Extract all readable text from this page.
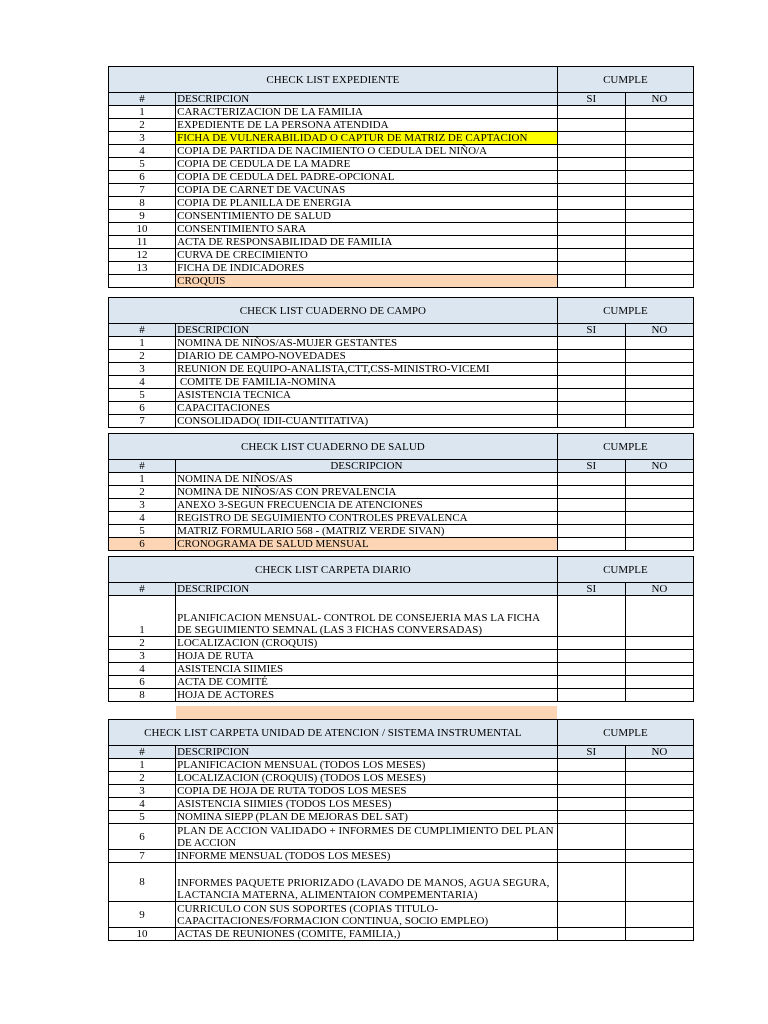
CHECK LIST EXPEDIENTE		CUMPLE	
#	DESCRIPCION	SI	NO
1	CARACTERIZACION DE LA FAMILIA		
2	EXPEDIENTE DE LA PERSONA ATENDIDA		
3	FICHA DE VULNERABILIDAD O CAPTUR DE MATRIZ DE CAPTACION		
4	COPIA DE PARTIDA DE NACIMIENTO O CEDULA DEL NIÑO/A		
5	COPIA DE CEDULA DE LA MADRE		
6	COPIA DE CEDULA DEL PADRE-OPCIONAL		
7	COPIA DE CARNET DE VACUNAS		
8	COPIA DE PLANILLA DE ENERGIA		
9	CONSENTIMIENTO DE SALUD		
10	CONSENTIMIENTO SARA		
11	ACTA DE RESPONSABILIDAD DE FAMILIA		
12	CURVA DE CRECIMIENTO		
13	FICHA DE INDICADORES		
	CROQUIS		
CHECK LIST CUADERNO DE CAMPO		CUMPLE	
#	DESCRIPCION	SI	NO
1	NOMINA DE NIÑOS/AS-MUJER GESTANTES		
2	DIARIO DE CAMPO-NOVEDADES		
3	REUNION DE EQUIPO-ANALISTA,CTT,CSS-MINISTRO-VICEMI		
4	COMITE DE FAMILIA-NOMINA		
5	ASISTENCIA TECNICA		
6	CAPACITACIONES		
7	CONSOLIDADO( IDII-CUANTITATIVA)		
CHECK LIST CUADERNO DE SALUD		CUMPLE	
#	DESCRIPCION	SI	NO
1	NOMINA DE NIÑOS/AS		
2	NOMINA DE NIÑOS/AS CON PREVALENCIA		
3	ANEXO 3-SEGUN FRECUENCIA DE ATENCIONES		
4	REGISTRO DE SEGUIMIENTO CONTROLES PREVALENCA		
5	MATRIZ FORMULARIO 568 - (MATRIZ VERDE SIVAN)		
6	CRONOGRAMA DE SALUD MENSUAL		
CHECK LIST CARPETA DIARIO		CUMPLE	
#	DESCRIPCION	SI	NO
1	PLANIFICACION MENSUAL- CONTROL DE CONSEJERIA MAS LA FICHA DE SEGUIMIENTO SEMNAL (LAS 3 FICHAS CONVERSADAS)		
2	LOCALIZACION (CROQUIS)		
3	HOJA DE RUTA		
4	ASISTENCIA SIIMIES		
6	ACTA DE COMITÉ		
8	HOJA DE ACTORES		
CHECK LIST CARPETA UNIDAD DE ATENCION / SISTEMA INSTRUMENTAL		CUMPLE	
#	DESCRIPCION	SI	NO
1	PLANIFICACION MENSUAL (TODOS LOS MESES)		
2	LOCALIZACION (CROQUIS) (TODOS LOS MESES)		
3	COPIA DE HOJA DE RUTA TODOS LOS MESES		
4	ASISTENCIA SIIMIES (TODOS LOS MESES)		
5	NOMINA SIEPP (PLAN DE MEJORAS DEL SAT)		
6	PLAN DE ACCION VALIDADO + INFORMES DE CUMPLIMIENTO DEL PLAN DE ACCION		
7	INFORME MENSUAL (TODOS LOS MESES)		
8	INFORMES PAQUETE PRIORIZADO (LAVADO DE MANOS, AGUA SEGURA, LACTANCIA MATERNA, ALIMENTAION COMPEMENTARIA)		
9	CURRICULO CON SUS SOPORTES (COPIAS TITULO-CAPACITACIONES/FORMACION CONTINUA, SOCIO EMPLEO)		
10	ACTAS DE REUNIONES (COMITE, FAMILIA,)		
